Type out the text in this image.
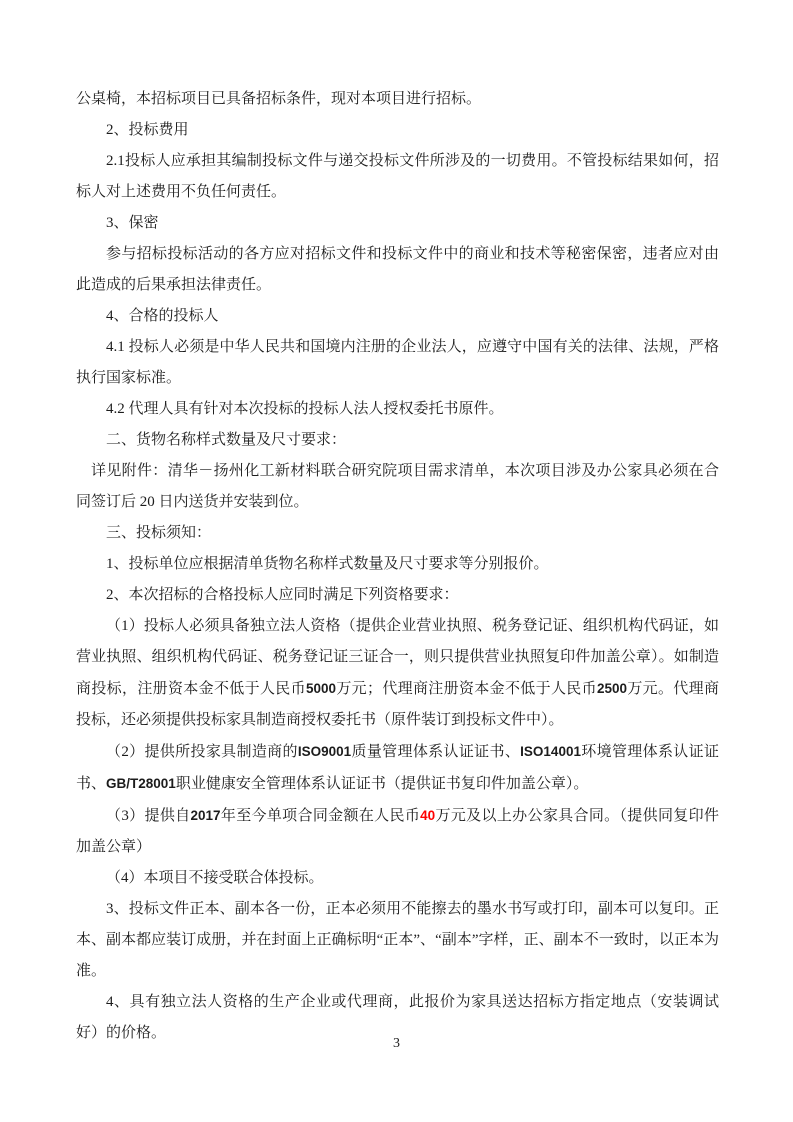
公桌椅，本招标项目已具备招标条件，现对本项目进行招标。

2、投标费用

2.1投标人应承担其编制投标文件与递交投标文件所涉及的一切费用。不管投标结果如何，招标人对上述费用不负任何责任。

3、保密

参与招标投标活动的各方应对招标文件和投标文件中的商业和技术等秘密保密，违者应对由此造成的后果承担法律责任。

4、合格的投标人

4.1 投标人必须是中华人民共和国境内注册的企业法人，应遵守中国有关的法律、法规，严格执行国家标准。

4.2 代理人具有针对本次投标的投标人法人授权委托书原件。

二、货物名称样式数量及尺寸要求：

详见附件：清华－扬州化工新材料联合研究院项目需求清单，本次项目涉及办公家具必须在合同签订后 20 日内送货并安装到位。

三、投标须知：

1、投标单位应根据清单货物名称样式数量及尺寸要求等分别报价。

2、本次招标的合格投标人应同时满足下列资格要求：

（1）投标人必须具备独立法人资格（提供企业营业执照、税务登记证、组织机构代码证，如营业执照、组织机构代码证、税务登记证三证合一，则只提供营业执照复印件加盖公章）。如制造商投标，注册资本金不低于人民币5000万元；代理商注册资本金不低于人民币2500万元。代理商投标，还必须提供投标家具制造商授权委托书（原件装订到投标文件中）。

（2）提供所投家具制造商的ISO9001质量管理体系认证证书、ISO14001环境管理体系认证证书、GB/T28001职业健康安全管理体系认证证书（提供证书复印件加盖公章）。

（3）提供自2017年至今单项合同金额在人民币40万元及以上办公家具合同。（提供同复印件加盖公章）

（4）本项目不接受联合体投标。

3、投标文件正本、副本各一份，正本必须用不能擦去的墨水书写或打印，副本可以复印。正本、副本都应装订成册，并在封面上正确标明“正本”、“副本”字样，正、副本不一致时，以正本为准。

4、具有独立法人资格的生产企业或代理商，此报价为家具送达招标方指定地点（安装调试好）的价格。

3
